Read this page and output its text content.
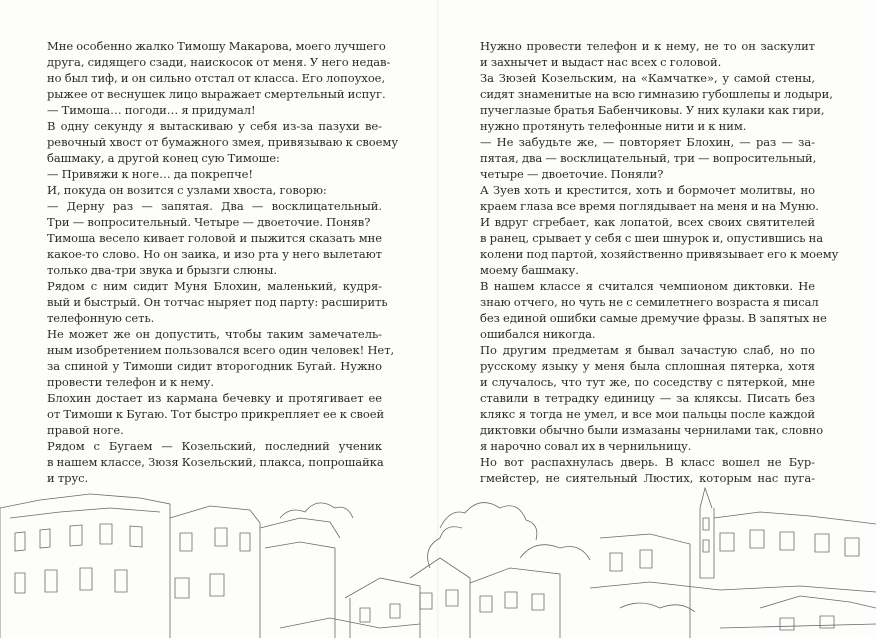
Мне особенно жалко Тимошу Макарова, моего лучшего
друга, сидящего сзади, наискосок от меня. У него недав-
но был тиф, и он сильно отстал от класса. Его лопоухое,
рыжее от веснушек лицо выражает смертельный испуг.

— Тимоша… погоди… я придумал!

В одну секунду я вытаскиваю у себя из-за пазухи ве-
ревочный хвост от бумажного змея, привязываю к своему
башмаку, а другой конец сую Тимоше:

— Привяжи к ноге… да покрепче!

И, покуда он возится с узлами хвоста, говорю:

— Дерну раз — запятая. Два — восклицательный.
Три — вопросительный. Четыре — двоеточие. Поняв?

Тимоша весело кивает головой и пыжится сказать мне
какое-то слово. Но он заика, и изо рта у него вылетают
только два-три звука и брызги слюны.

Рядом с ним сидит Муня Блохин, маленький, кудря-
вый и быстрый. Он тотчас ныряет под парту: расширить
телефонную сеть.

Не может же он допустить, чтобы таким замечатель-
ным изобретением пользовался всего один человек! Нет,
за спиной у Тимоши сидит второгодник Бугай. Нужно
провести телефон и к нему.

Блохин достает из кармана бечевку и протягивает ее
от Тимоши к Бугаю. Тот быстро прикрепляет ее к своей
правой ноге.

Рядом с Бугаем — Козельский, последний ученик
в нашем классе, Зюзя Козельский, плакса, попрошайка
и трус.

Нужно провести телефон и к нему, не то он заскулит
и захнычет и выдаст нас всех с головой.

За Зюзей Козельским, на «Камчатке», у самой стены,
сидят знаменитые на всю гимназию губошлепы и лодыри,
пучеглазые братья Бабенчиковы. У них кулаки как гири,
нужно протянуть телефонные нити и к ним.

— Не забудьте же, — повторяет Блохин, — раз — за-
пятая, два — восклицательный, три — вопросительный,
четыре — двоеточие. Поняли?

А Зуев хоть и крестится, хоть и бормочет молитвы, но
краем глаза все время поглядывает на меня и на Муню.
И вдруг сгребает, как лопатой, всех своих святителей
в ранец, срывает у себя с шеи шнурок и, опустившись на
колени под партой, хозяйственно привязывает его к моему
моему башмаку.

В нашем классе я считался чемпионом диктовки. Не
знаю отчего, но чуть не с семилетнего возраста я писал
без единой ошибки самые дремучие фразы. В запятых не
ошибался никогда.

По другим предметам я бывал зачастую слаб, но по
русскому языку у меня была сплошная пятерка, хотя
и случалось, что тут же, по соседству с пятеркой, мне
ставили в тетрадку единицу — за кляксы. Писать без
клякс я тогда не умел, и все мои пальцы после каждой
диктовки обычно были измазаны чернилами так, словно
я нарочно совал их в чернильницу.

Но вот распахнулась дверь. В класс вошел не Бур-
гмейстер, не сиятельный Люстих, которым нас пуга-
